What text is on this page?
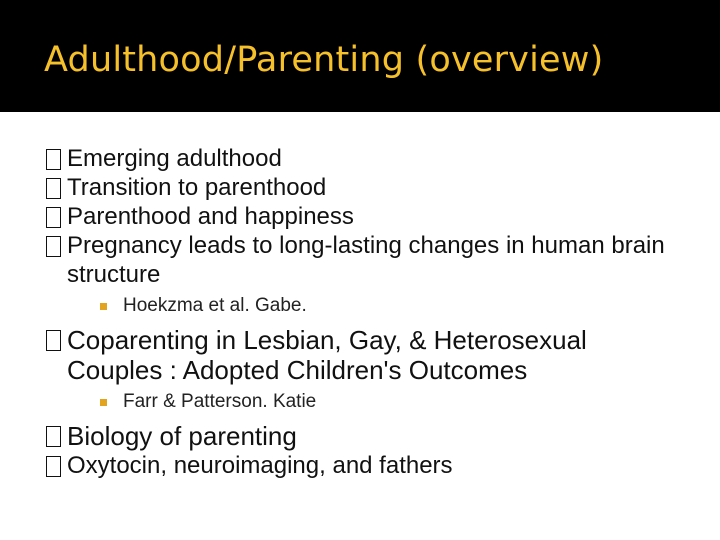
Adulthood/Parenting (overview)
Emerging adulthood
Transition to parenthood
Parenthood and happiness
Pregnancy leads to long-lasting changes in human brain structure
Hoekzma et al. Gabe.
Coparenting in Lesbian, Gay, & Heterosexual Couples : Adopted Children's Outcomes
Farr & Patterson. Katie
Biology of parenting
Oxytocin, neuroimaging, and fathers
